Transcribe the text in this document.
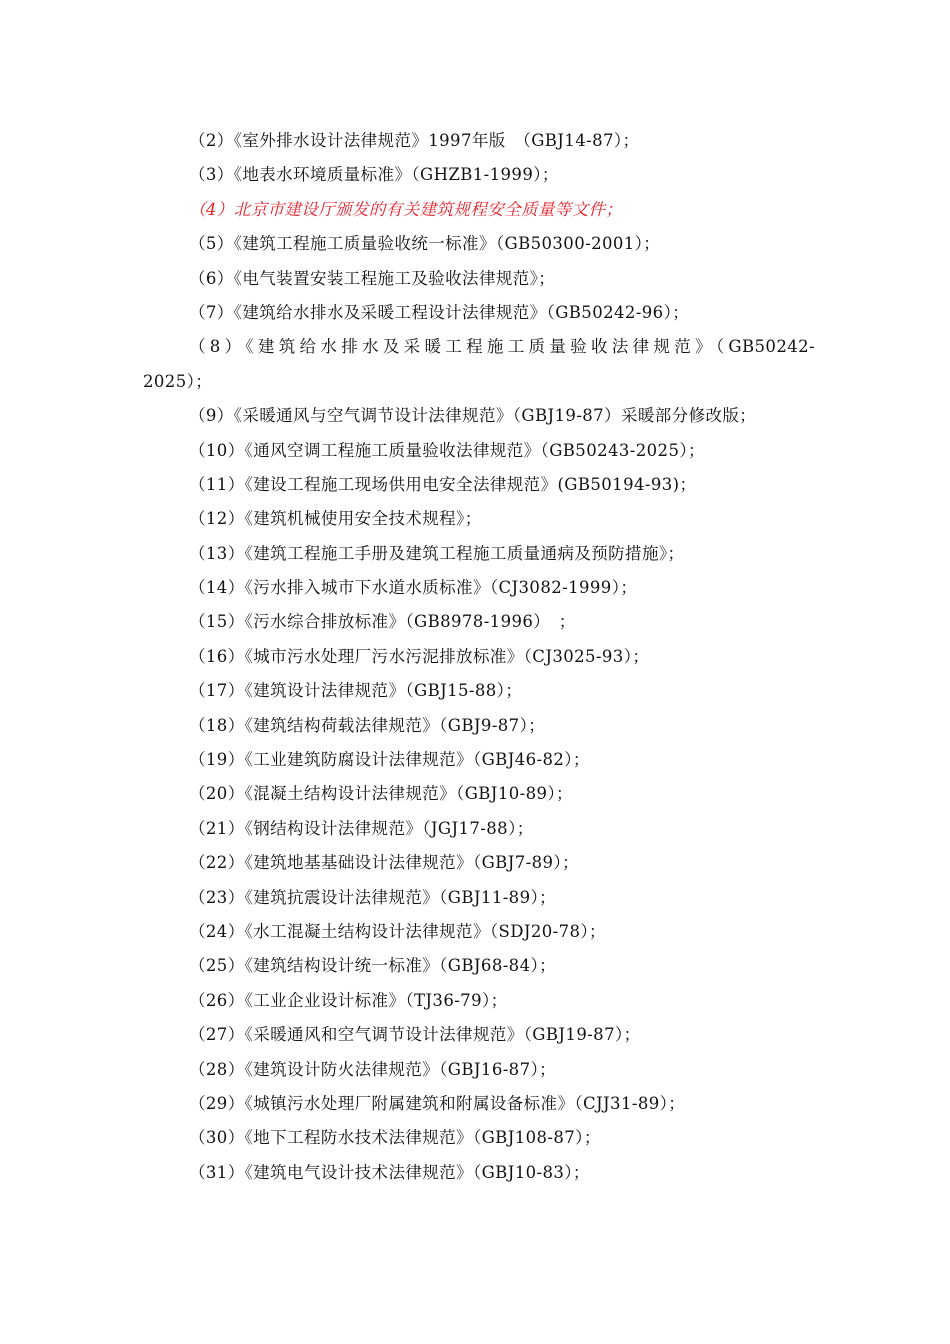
（2）《室外排水设计法律规范》1997年版　（GBJ14-87）；
（3）《地表水环境质量标准》（GHZB1-1999）；
（4）北京市建设厅颁发的有关建筑规程安全质量等文件；
（5）《建筑工程施工质量验收统一标准》（GB50300-2001）；
（6）《电气装置安装工程施工及验收法律规范》；
（7）《建筑给水排水及采暖工程设计法律规范》（GB50242-96）；
（8）《建筑给水排水及采暖工程施工质量验收法律规范》（GB50242-
2025）；
（9）《采暖通风与空气调节设计法律规范》（GBJ19-87）采暖部分修改版；
（10）《通风空调工程施工质量验收法律规范》（GB50243-2025）；
（11）《建设工程施工现场供用电安全法律规范》(GB50194-93)；
（12）《建筑机械使用安全技术规程》；
（13）《建筑工程施工手册及建筑工程施工质量通病及预防措施》；
（14）《污水排入城市下水道水质标准》（CJ3082-1999）；
（15）《污水综合排放标准》（GB8978-1996）　；
（16）《城市污水处理厂污水污泥排放标准》（CJ3025-93）；
（17）《建筑设计法律规范》（GBJ15-88）；
（18）《建筑结构荷载法律规范》（GBJ9-87）；
（19）《工业建筑防腐设计法律规范》（GBJ46-82）；
（20）《混凝土结构设计法律规范》（GBJ10-89）；
（21）《钢结构设计法律规范》（JGJ17-88）；
（22）《建筑地基基础设计法律规范》（GBJ7-89）；
（23）《建筑抗震设计法律规范》（GBJ11-89）；
（24）《水工混凝土结构设计法律规范》（SDJ20-78）；
（25）《建筑结构设计统一标准》（GBJ68-84）；
（26）《工业企业设计标准》（TJ36-79）；
（27）《采暖通风和空气调节设计法律规范》（GBJ19-87）；
（28）《建筑设计防火法律规范》（GBJ16-87）；
（29）《城镇污水处理厂附属建筑和附属设备标准》（CJJ31-89）；
（30）《地下工程防水技术法律规范》（GBJ108-87）；
（31）《建筑电气设计技术法律规范》（GBJ10-83）；
